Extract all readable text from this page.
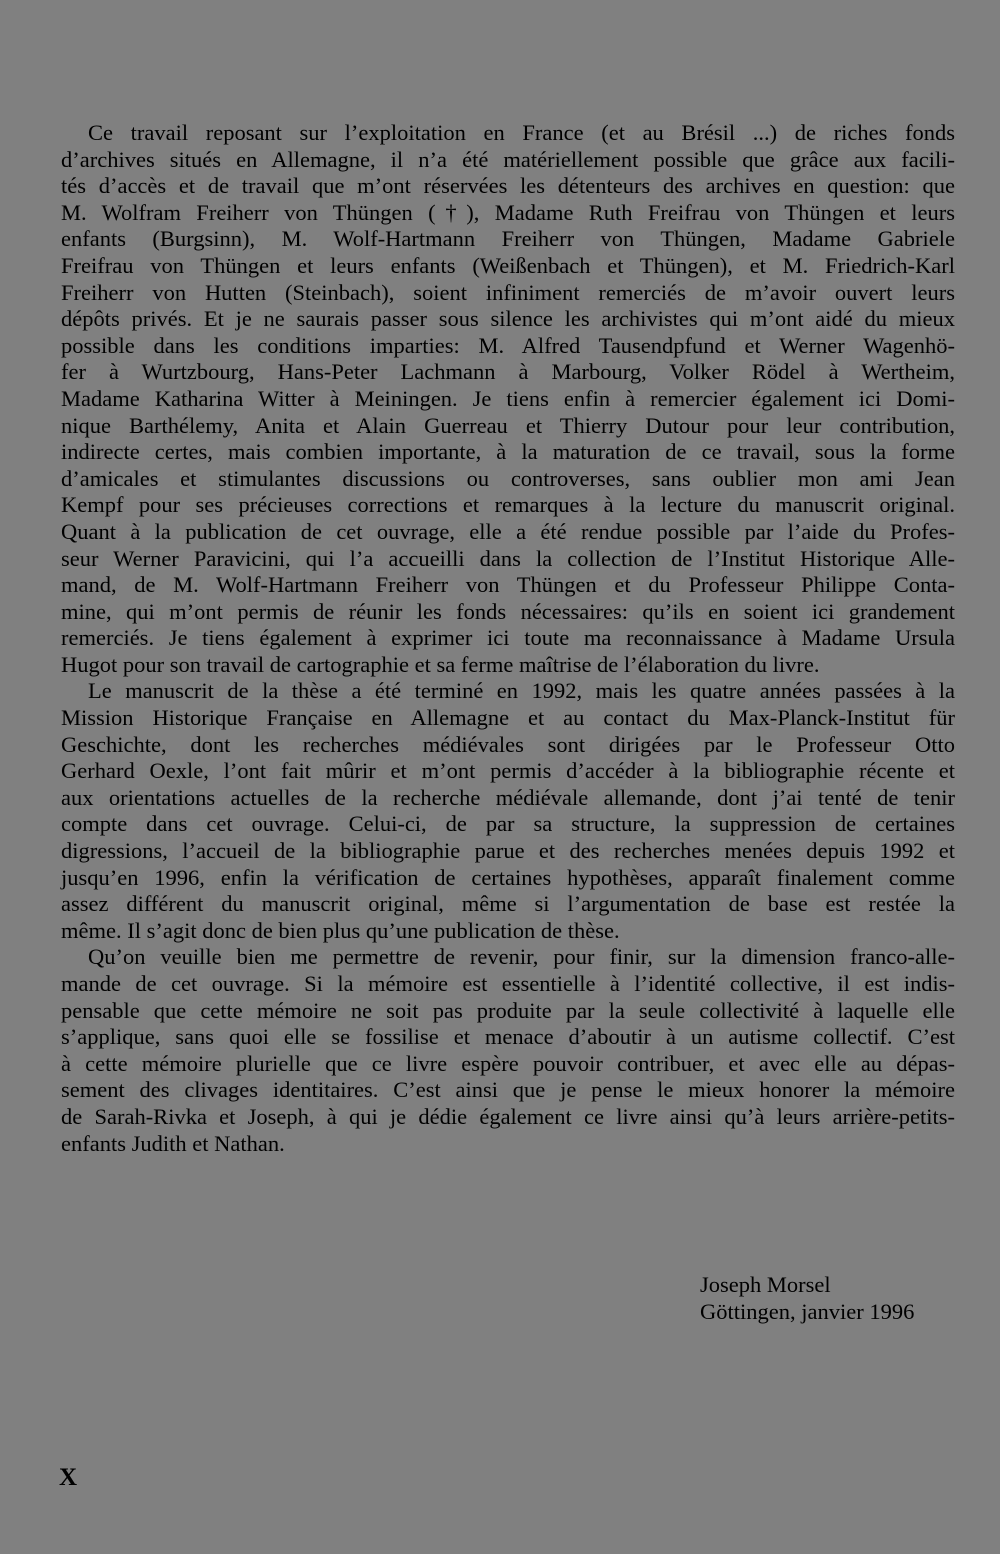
Ce travail reposant sur l’exploitation en France (et au Brésil ...) de riches fonds
d’archives situés en Allemagne, il n’a été matériellement possible que grâce aux facili-
tés d’accès et de travail que m’ont réservées les détenteurs des archives en question: que
M. Wolfram Freiherr von Thüngen (†), Madame Ruth Freifrau von Thüngen et leurs
enfants (Burgsinn), M. Wolf-Hartmann Freiherr von Thüngen, Madame Gabriele
Freifrau von Thüngen et leurs enfants (Weißenbach et Thüngen), et M. Friedrich-Karl
Freiherr von Hutten (Steinbach), soient infiniment remerciés de m’avoir ouvert leurs
dépôts privés. Et je ne saurais passer sous silence les archivistes qui m’ont aidé du mieux
possible dans les conditions imparties: M. Alfred Tausendpfund et Werner Wagenhö-
fer à Wurtzbourg, Hans-Peter Lachmann à Marbourg, Volker Rödel à Wertheim,
Madame Katharina Witter à Meiningen. Je tiens enfin à remercier également ici Domi-
nique Barthélemy, Anita et Alain Guerreau et Thierry Dutour pour leur contribution,
indirecte certes, mais combien importante, à la maturation de ce travail, sous la forme
d’amicales et stimulantes discussions ou controverses, sans oublier mon ami Jean
Kempf pour ses précieuses corrections et remarques à la lecture du manuscrit original.
Quant à la publication de cet ouvrage, elle a été rendue possible par l’aide du Profes-
seur Werner Paravicini, qui l’a accueilli dans la collection de l’Institut Historique Alle-
mand, de M. Wolf-Hartmann Freiherr von Thüngen et du Professeur Philippe Conta-
mine, qui m’ont permis de réunir les fonds nécessaires: qu’ils en soient ici grandement
remerciés. Je tiens également à exprimer ici toute ma reconnaissance à Madame Ursula
Hugot pour son travail de cartographie et sa ferme maîtrise de l’élaboration du livre.
Le manuscrit de la thèse a été terminé en 1992, mais les quatre années passées à la
Mission Historique Française en Allemagne et au contact du Max-Planck-Institut für
Geschichte, dont les recherches médiévales sont dirigées par le Professeur Otto
Gerhard Oexle, l’ont fait mûrir et m’ont permis d’accéder à la bibliographie récente et
aux orientations actuelles de la recherche médiévale allemande, dont j’ai tenté de tenir
compte dans cet ouvrage. Celui-ci, de par sa structure, la suppression de certaines
digressions, l’accueil de la bibliographie parue et des recherches menées depuis 1992 et
jusqu’en 1996, enfin la vérification de certaines hypothèses, apparaît finalement comme
assez différent du manuscrit original, même si l’argumentation de base est restée la
même. Il s’agit donc de bien plus qu’une publication de thèse.
Qu’on veuille bien me permettre de revenir, pour finir, sur la dimension franco-alle-
mande de cet ouvrage. Si la mémoire est essentielle à l’identité collective, il est indis-
pensable que cette mémoire ne soit pas produite par la seule collectivité à laquelle elle
s’applique, sans quoi elle se fossilise et menace d’aboutir à un autisme collectif. C’est
à cette mémoire plurielle que ce livre espère pouvoir contribuer, et avec elle au dépas-
sement des clivages identitaires. C’est ainsi que je pense le mieux honorer la mémoire
de Sarah-Rivka et Joseph, à qui je dédie également ce livre ainsi qu’à leurs arrière-petits-
enfants Judith et Nathan.
Joseph Morsel
Göttingen, janvier 1996
X
